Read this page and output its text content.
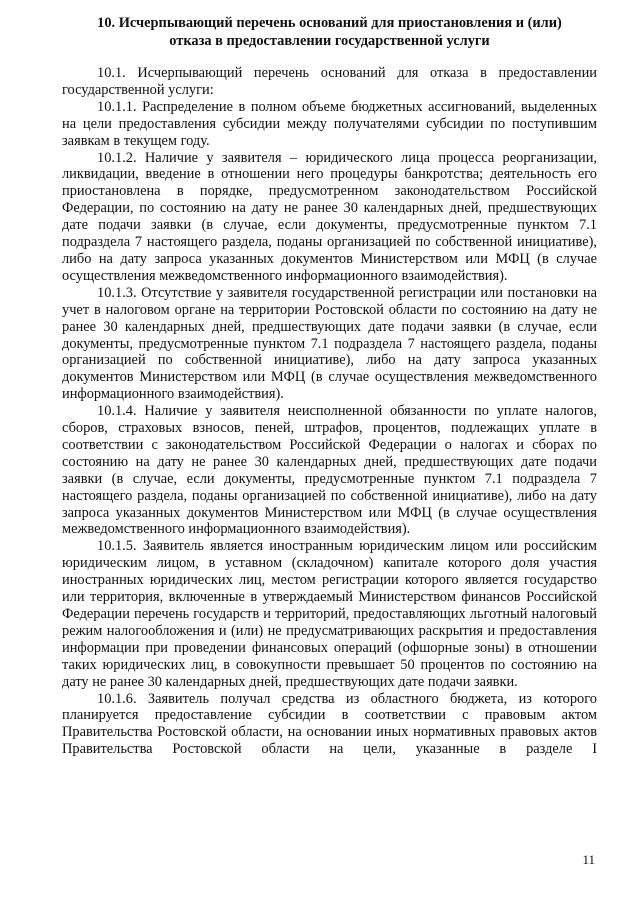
10. Исчерпывающий перечень оснований для приостановления и (или)
отказа в предоставлении государственной услуги

10.1. Исчерпывающий перечень оснований для отказа в предоставлении государственной услуги:

10.1.1. Распределение в полном объеме бюджетных ассигнований, выделенных на цели предоставления субсидии между получателями субсидии по поступившим заявкам в текущем году.

10.1.2. Наличие у заявителя – юридического лица процесса реорганизации, ликвидации, введение в отношении него процедуры банкротства; деятельность его приостановлена в порядке, предусмотренном законодательством Российской Федерации, по состоянию на дату не ранее 30 календарных дней, предшествующих дате подачи заявки (в случае, если документы, предусмотренные пунктом 7.1 подраздела 7 настоящего раздела, поданы организацией по собственной инициативе), либо на дату запроса указанных документов Министерством или МФЦ (в случае осуществления межведомственного информационного взаимодействия).

10.1.3. Отсутствие у заявителя государственной регистрации или постановки на учет в налоговом органе на территории Ростовской области по состоянию на дату не ранее 30 календарных дней, предшествующих дате подачи заявки (в случае, если документы, предусмотренные пунктом 7.1 подраздела 7 настоящего раздела, поданы организацией по собственной инициативе), либо на дату запроса указанных документов Министерством или МФЦ (в случае осуществления межведомственного информационного взаимодействия).

10.1.4. Наличие у заявителя неисполненной обязанности по уплате налогов, сборов, страховых взносов, пеней, штрафов, процентов, подлежащих уплате в соответствии с законодательством Российской Федерации о налогах и сборах по состоянию на дату не ранее 30 календарных дней, предшествующих дате подачи заявки (в случае, если документы, предусмотренные пунктом 7.1 подраздела 7 настоящего раздела, поданы организацией по собственной инициативе), либо на дату запроса указанных документов Министерством или МФЦ (в случае осуществления межведомственного информационного взаимодействия).

10.1.5. Заявитель является иностранным юридическим лицом или российским юридическим лицом, в уставном (складочном) капитале которого доля участия иностранных юридических лиц, местом регистрации которого является государство или территория, включенные в утверждаемый Министерством финансов Российской Федерации перечень государств и территорий, предоставляющих льготный налоговый режим налогообложения и (или) не предусматривающих раскрытия и предоставления информации при проведении финансовых операций (офшорные зоны) в отношении таких юридических лиц, в совокупности превышает 50 процентов по состоянию на дату не ранее 30 календарных дней, предшествующих дате подачи заявки.

10.1.6. Заявитель получал средства из областного бюджета, из которого планируется предоставление субсидии в соответствии с правовым актом Правительства Ростовской области, на основании иных нормативных правовых актов Правительства Ростовской области на цели, указанные в разделе I

11
